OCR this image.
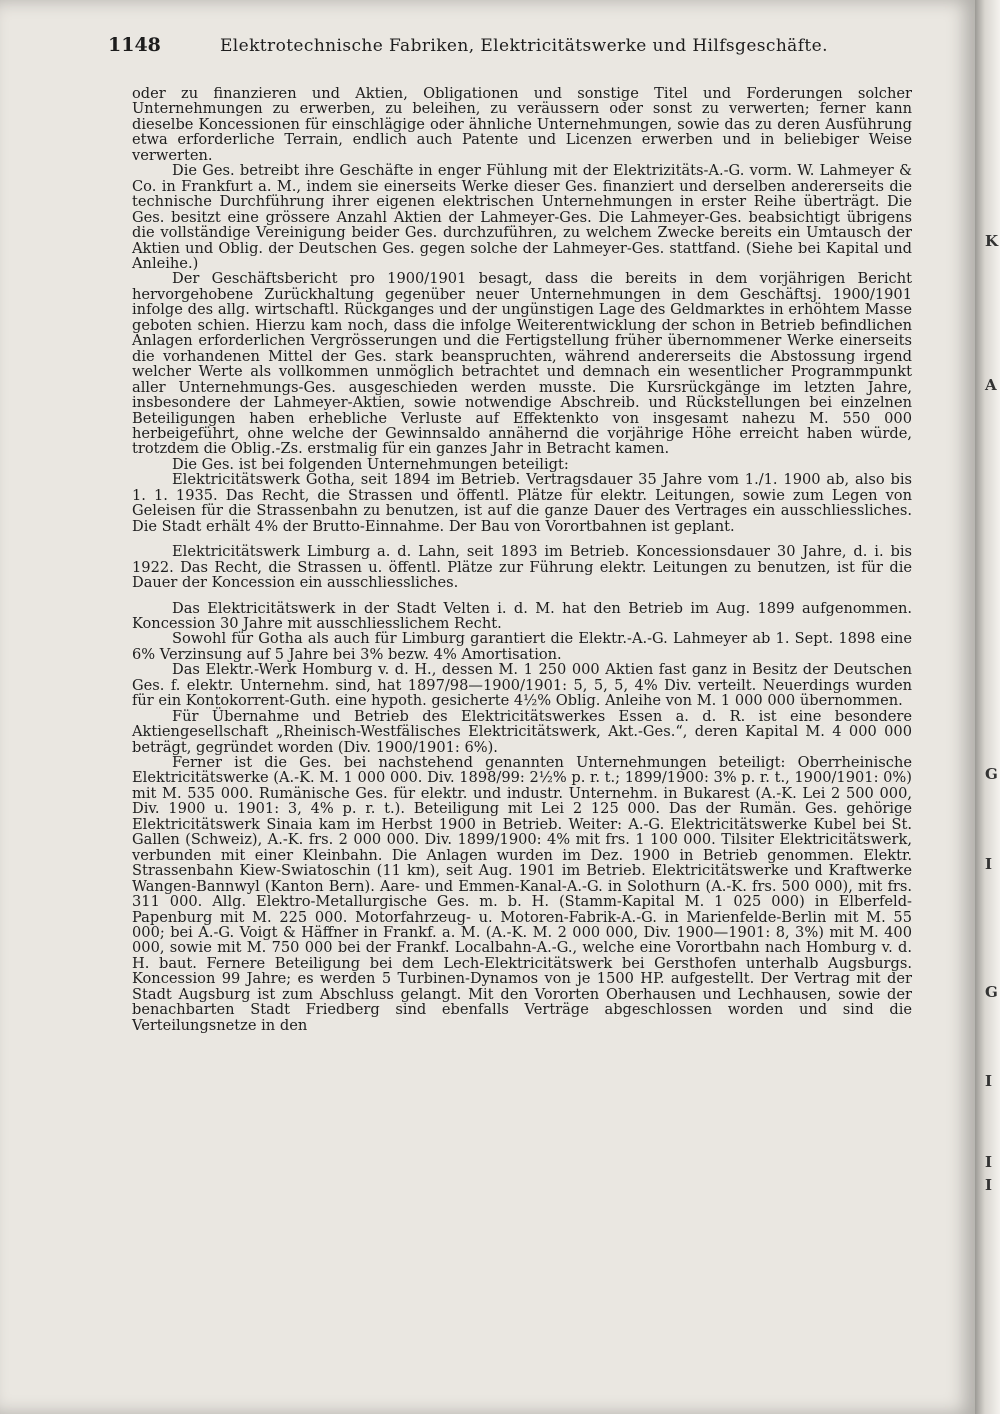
1148	Elektrotechnische Fabriken, Elektricitätswerke und Hilfsgeschäfte.

oder zu finanzieren und Aktien, Obligationen und sonstige Titel und Forderungen solcher Unternehmungen zu erwerben, zu beleihen, zu veräussern oder sonst zu verwerten; ferner kann dieselbe Koncessionen für einschlägige oder ähnliche Unternehmungen, sowie das zu deren Ausführung etwa erforderliche Terrain, endlich auch Patente und Licenzen erwerben und in beliebiger Weise verwerten.

Die Ges. betreibt ihre Geschäfte in enger Fühlung mit der Elektrizitäts-A.-G. vorm. W. Lahmeyer & Co. in Frankfurt a. M., indem sie einerseits Werke dieser Ges. finanziert und derselben andererseits die technische Durchführung ihrer eigenen elektrischen Unternehmungen in erster Reihe überträgt. Die Ges. besitzt eine grössere Anzahl Aktien der Lahmeyer-Ges. Die Lahmeyer-Ges. beabsichtigt übrigens die vollständige Vereinigung beider Ges. durchzuführen, zu welchem Zwecke bereits ein Umtausch der Aktien und Oblig. der Deutschen Ges. gegen solche der Lahmeyer-Ges. stattfand. (Siehe bei Kapital und Anleihe.)

Der Geschäftsbericht pro 1900/1901 besagt, dass die bereits in dem vorjährigen Bericht hervorgehobene Zurückhaltung gegenüber neuer Unternehmungen in dem Geschäftsj. 1900/1901 infolge des allg. wirtschaftl. Rückganges und der ungünstigen Lage des Geldmarktes in erhöhtem Masse geboten schien. Hierzu kam noch, dass die infolge Weiterentwicklung der schon in Betrieb befindlichen Anlagen erforderlichen Vergrösserungen und die Fertigstellung früher übernommener Werke einerseits die vorhandenen Mittel der Ges. stark beanspruchten, während andererseits die Abstossung irgend welcher Werte als vollkommen unmöglich betrachtet und demnach ein wesentlicher Programmpunkt aller Unternehmungs-Ges. ausgeschieden werden musste. Die Kursrückgänge im letzten Jahre, insbesondere der Lahmeyer-Aktien, sowie notwendige Abschreib. und Rückstellungen bei einzelnen Beteiligungen haben erhebliche Verluste auf Effektenkto von insgesamt nahezu M. 550 000 herbeigeführt, ohne welche der Gewinnsaldo annähernd die vorjährige Höhe erreicht haben würde, trotzdem die Oblig.-Zs. erstmalig für ein ganzes Jahr in Betracht kamen.

Die Ges. ist bei folgenden Unternehmungen beteiligt:

Elektricitätswerk Gotha, seit 1894 im Betrieb. Vertragsdauer 35 Jahre vom 1./1. 1900 ab, also bis 1. 1. 1935. Das Recht, die Strassen und öffentl. Plätze für elektr. Leitungen, sowie zum Legen von Geleisen für die Strassenbahn zu benutzen, ist auf die ganze Dauer des Vertrages ein ausschliessliches. Die Stadt erhält 4% der Brutto-Einnahme. Der Bau von Vorortbahnen ist geplant.

Elektricitätswerk Limburg a. d. Lahn, seit 1893 im Betrieb. Koncessionsdauer 30 Jahre, d. i. bis 1922. Das Recht, die Strassen u. öffentl. Plätze zur Führung elektr. Leitungen zu benutzen, ist für die Dauer der Koncession ein ausschliessliches.

Das Elektricitätswerk in der Stadt Velten i. d. M. hat den Betrieb im Aug. 1899 aufgenommen. Koncession 30 Jahre mit ausschliesslichem Recht.

Sowohl für Gotha als auch für Limburg garantiert die Elektr.-A.-G. Lahmeyer ab 1. Sept. 1898 eine 6% Verzinsung auf 5 Jahre bei 3% bezw. 4% Amortisation.

Das Elektr.-Werk Homburg v. d. H., dessen M. 1 250 000 Aktien fast ganz in Besitz der Deutschen Ges. f. elektr. Unternehm. sind, hat 1897/98—1900/1901: 5, 5, 5, 4% Div. verteilt. Neuerdings wurden für ein Kontokorrent-Guth. eine hypoth. gesicherte 4½% Oblig. Anleihe von M. 1 000 000 übernommen.

Für Übernahme und Betrieb des Elektricitätswerkes Essen a. d. R. ist eine besondere Aktiengesellschaft „Rheinisch-Westfälisches Elektricitätswerk, Akt.-Ges.“, deren Kapital M. 4 000 000 beträgt, gegründet worden (Div. 1900/1901: 6%).

Ferner ist die Ges. bei nachstehend genannten Unternehmungen beteiligt: Oberrheinische Elektricitätswerke (A.-K. M. 1 000 000. Div. 1898/99: 2½% p. r. t.; 1899/1900: 3% p. r. t., 1900/1901: 0%) mit M. 535 000. Rumänische Ges. für elektr. und industr. Unternehm. in Bukarest (A.-K. Lei 2 500 000, Div. 1900 u. 1901: 3, 4% p. r. t.). Beteiligung mit Lei 2 125 000. Das der Rumän. Ges. gehörige Elektricitätswerk Sinaia kam im Herbst 1900 in Betrieb. Weiter: A.-G. Elektricitätswerke Kubel bei St. Gallen (Schweiz), A.-K. frs. 2 000 000. Div. 1899/1900: 4% mit frs. 1 100 000. Tilsiter Elektricitätswerk, verbunden mit einer Kleinbahn. Die Anlagen wurden im Dez. 1900 in Betrieb genommen. Elektr. Strassenbahn Kiew-Swiatoschin (11 km), seit Aug. 1901 im Betrieb. Elektricitätswerke und Kraftwerke Wangen-Bannwyl (Kanton Bern). Aare- und Emmen-Kanal-A.-G. in Solothurn (A.-K. frs. 500 000), mit frs. 311 000. Allg. Elektro-Metallurgische Ges. m. b. H. (Stamm-Kapital M. 1 025 000) in Elberfeld-Papenburg mit M. 225 000. Motorfahrzeug- u. Motoren-Fabrik-A.-G. in Marienfelde-Berlin mit M. 55 000; bei A.-G. Voigt & Häffner in Frankf. a. M. (A.-K. M. 2 000 000, Div. 1900—1901: 8, 3%) mit M. 400 000, sowie mit M. 750 000 bei der Frankf. Localbahn-A.-G., welche eine Vorortbahn nach Homburg v. d. H. baut. Fernere Beteiligung bei dem Lech-Elektricitätswerk bei Gersthofen unterhalb Augsburgs. Koncession 99 Jahre; es werden 5 Turbinen-Dynamos von je 1500 HP. aufgestellt. Der Vertrag mit der Stadt Augsburg ist zum Abschluss gelangt. Mit den Vororten Oberhausen und Lechhausen, sowie der benachbarten Stadt Friedberg sind ebenfalls Verträge abgeschlossen worden und sind die Verteilungsnetze in den

K
A
G
I
G
I
I
I
